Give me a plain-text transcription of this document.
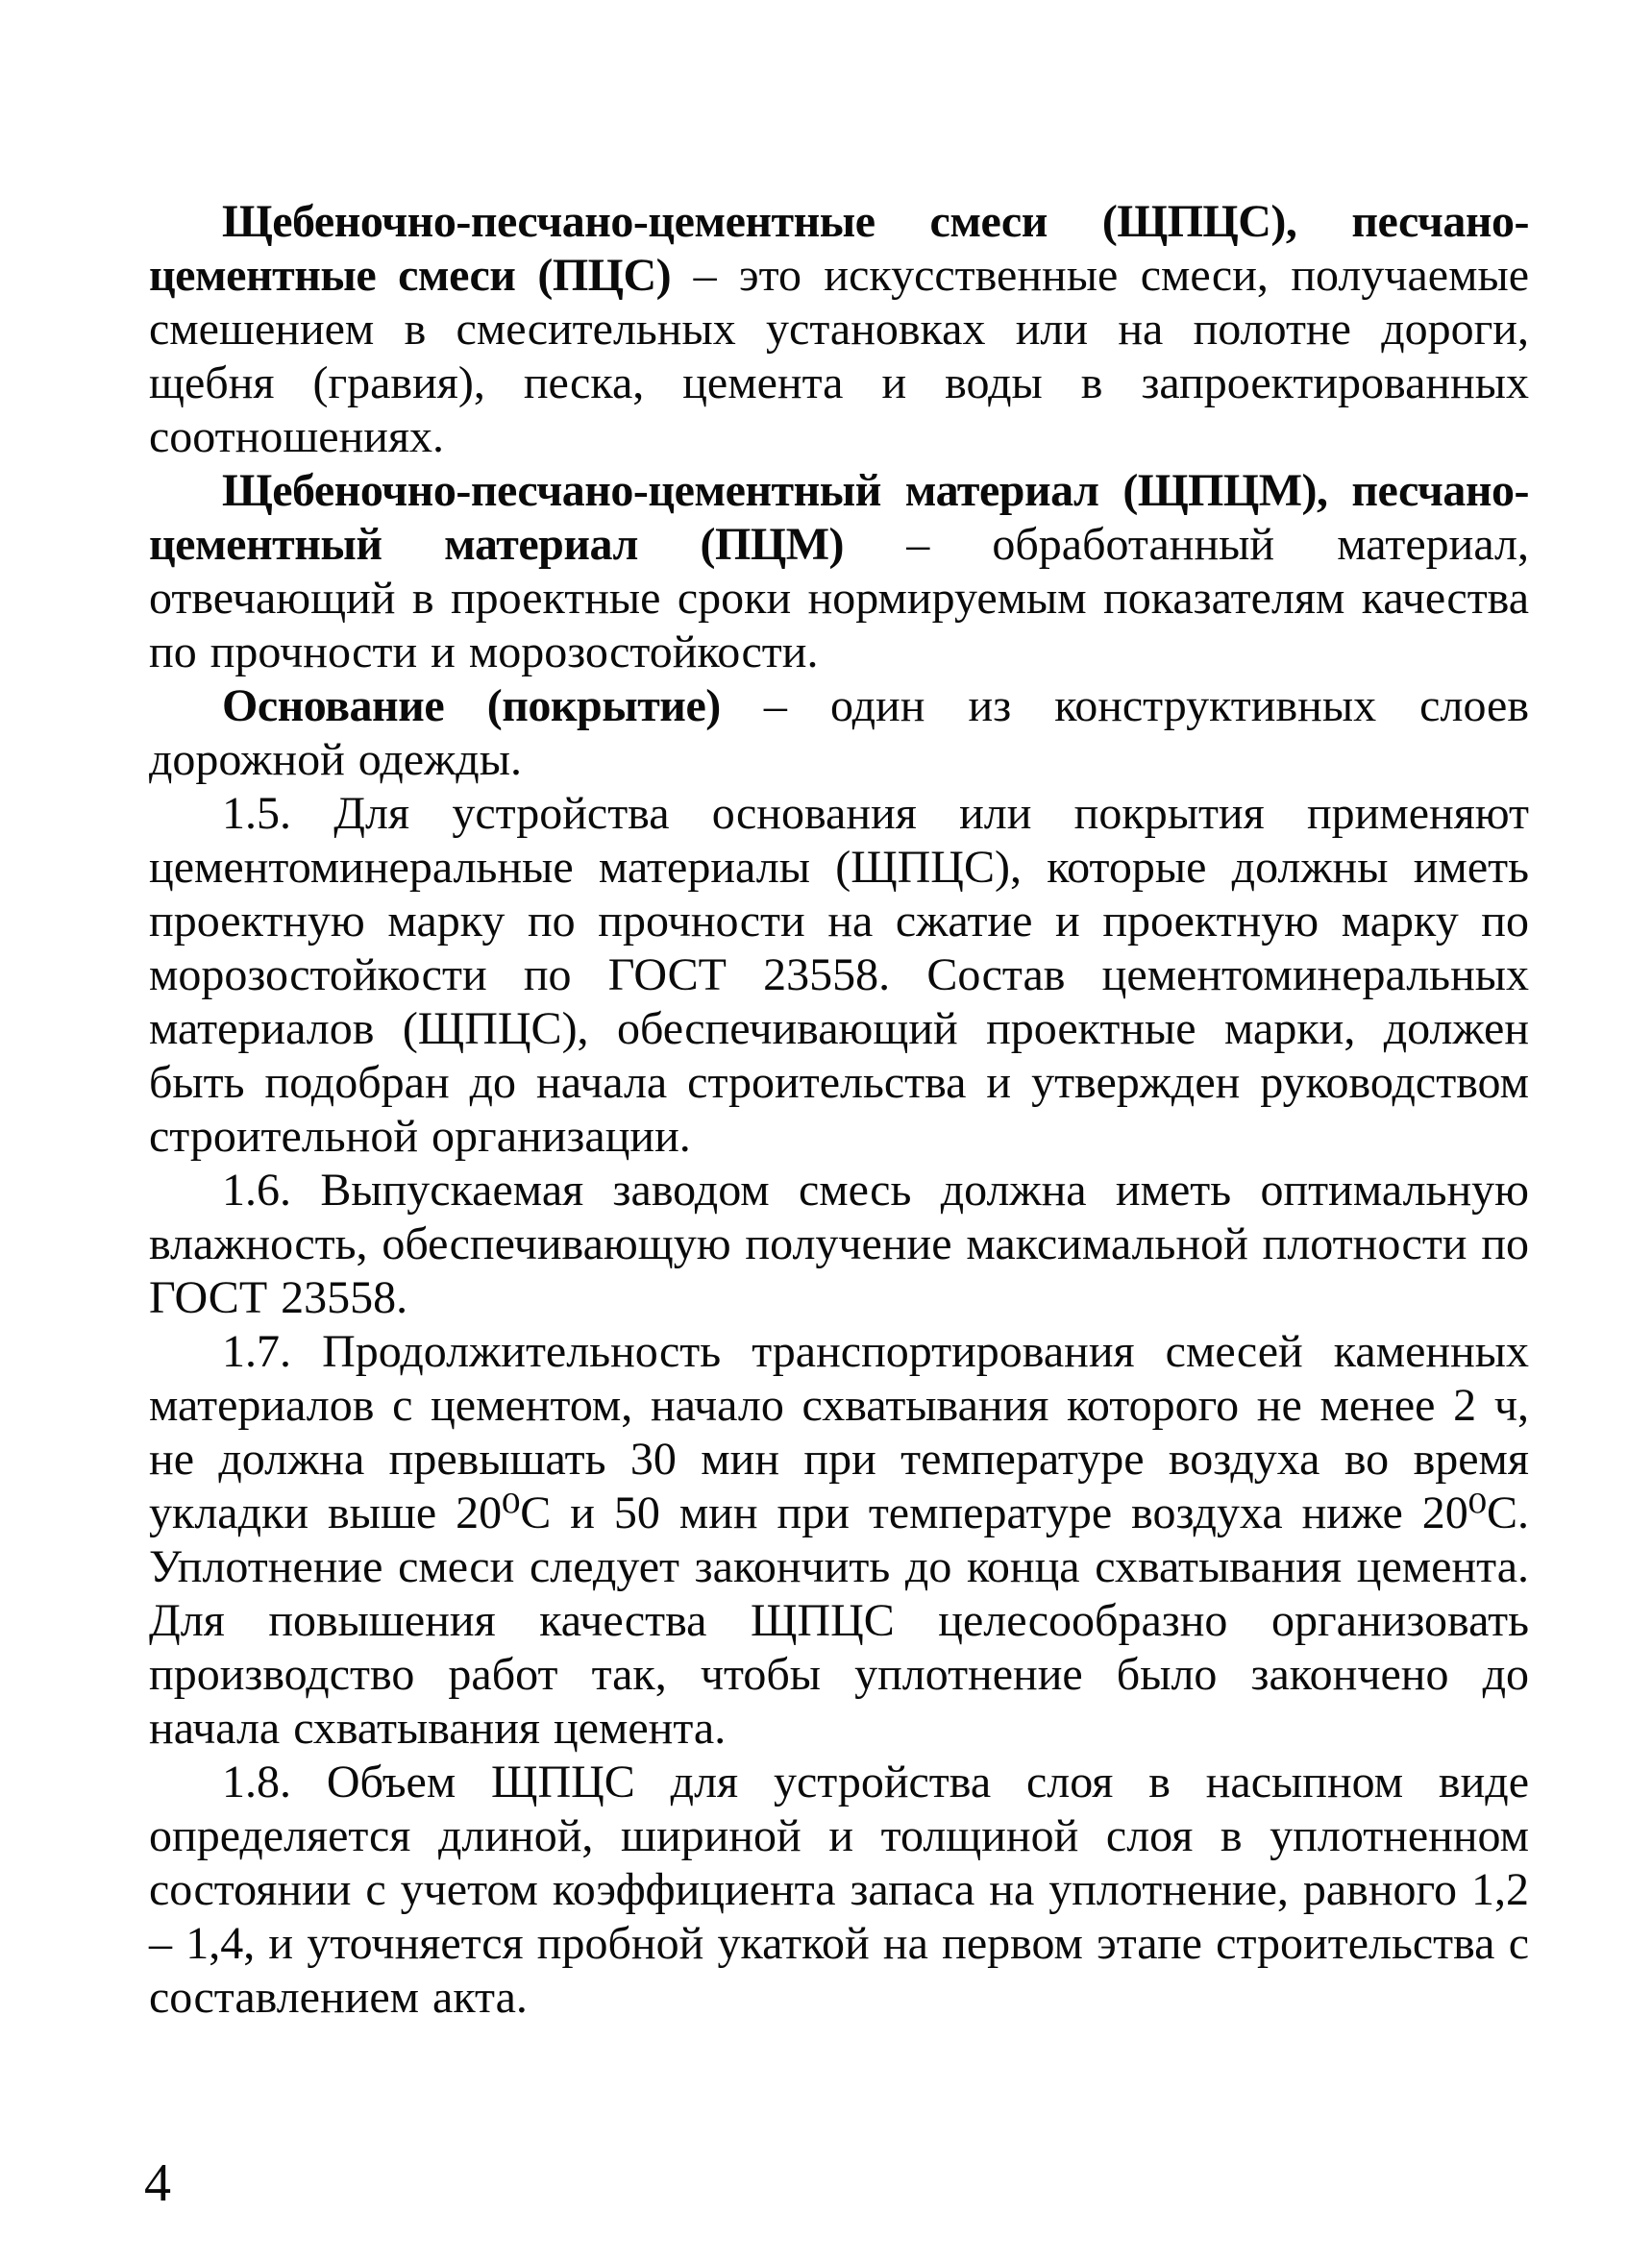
Щебеночно-песчано-цементные смеси (ЩПЦС), песчано-цементные смеси (ПЦС) – это искусственные смеси, получаемые смешением в смесительных установках или на полотне дороги, щебня (гравия), песка, цемента и воды в запроектированных соотношениях.

Щебеночно-песчано-цементный материал (ЩПЦМ), песчано-цементный материал (ПЦМ) – обработанный материал, отвечающий в проектные сроки нормируемым показателям качества по прочности и морозостойкости.

Основание (покрытие) – один из конструктивных слоев дорожной одежды.

1.5. Для устройства основания или покрытия применяют цементоминеральные материалы (ЩПЦС), которые должны иметь проектную марку по прочности на сжатие и проектную марку по морозостойкости по ГОСТ 23558. Состав цементоминеральных материалов (ЩПЦС), обеспечивающий проектные марки, должен быть подобран до начала строительства и утвержден руководством строительной организации.

1.6. Выпускаемая заводом смесь должна иметь оптимальную влажность, обеспечивающую получение максимальной плотности по ГОСТ 23558.

1.7. Продолжительность транспортирования смесей каменных материалов с цементом, начало схватывания которого не менее 2 ч, не должна превышать 30 мин при температуре воздуха во время укладки выше 20⁰С и 50 мин при температуре воздуха ниже 20⁰С. Уплотнение смеси следует закончить до конца схватывания цемента. Для повышения качества ЩПЦС целесообразно организовать производство работ так, чтобы уплотнение было закончено до начала схватывания цемента.

1.8. Объем ЩПЦС для устройства слоя в насыпном виде определяется длиной, шириной и толщиной слоя в уплотненном состоянии с учетом коэффициента запаса на уплотнение, равного 1,2 – 1,4, и уточняется пробной укаткой на первом этапе строительства с составлением акта.

4
